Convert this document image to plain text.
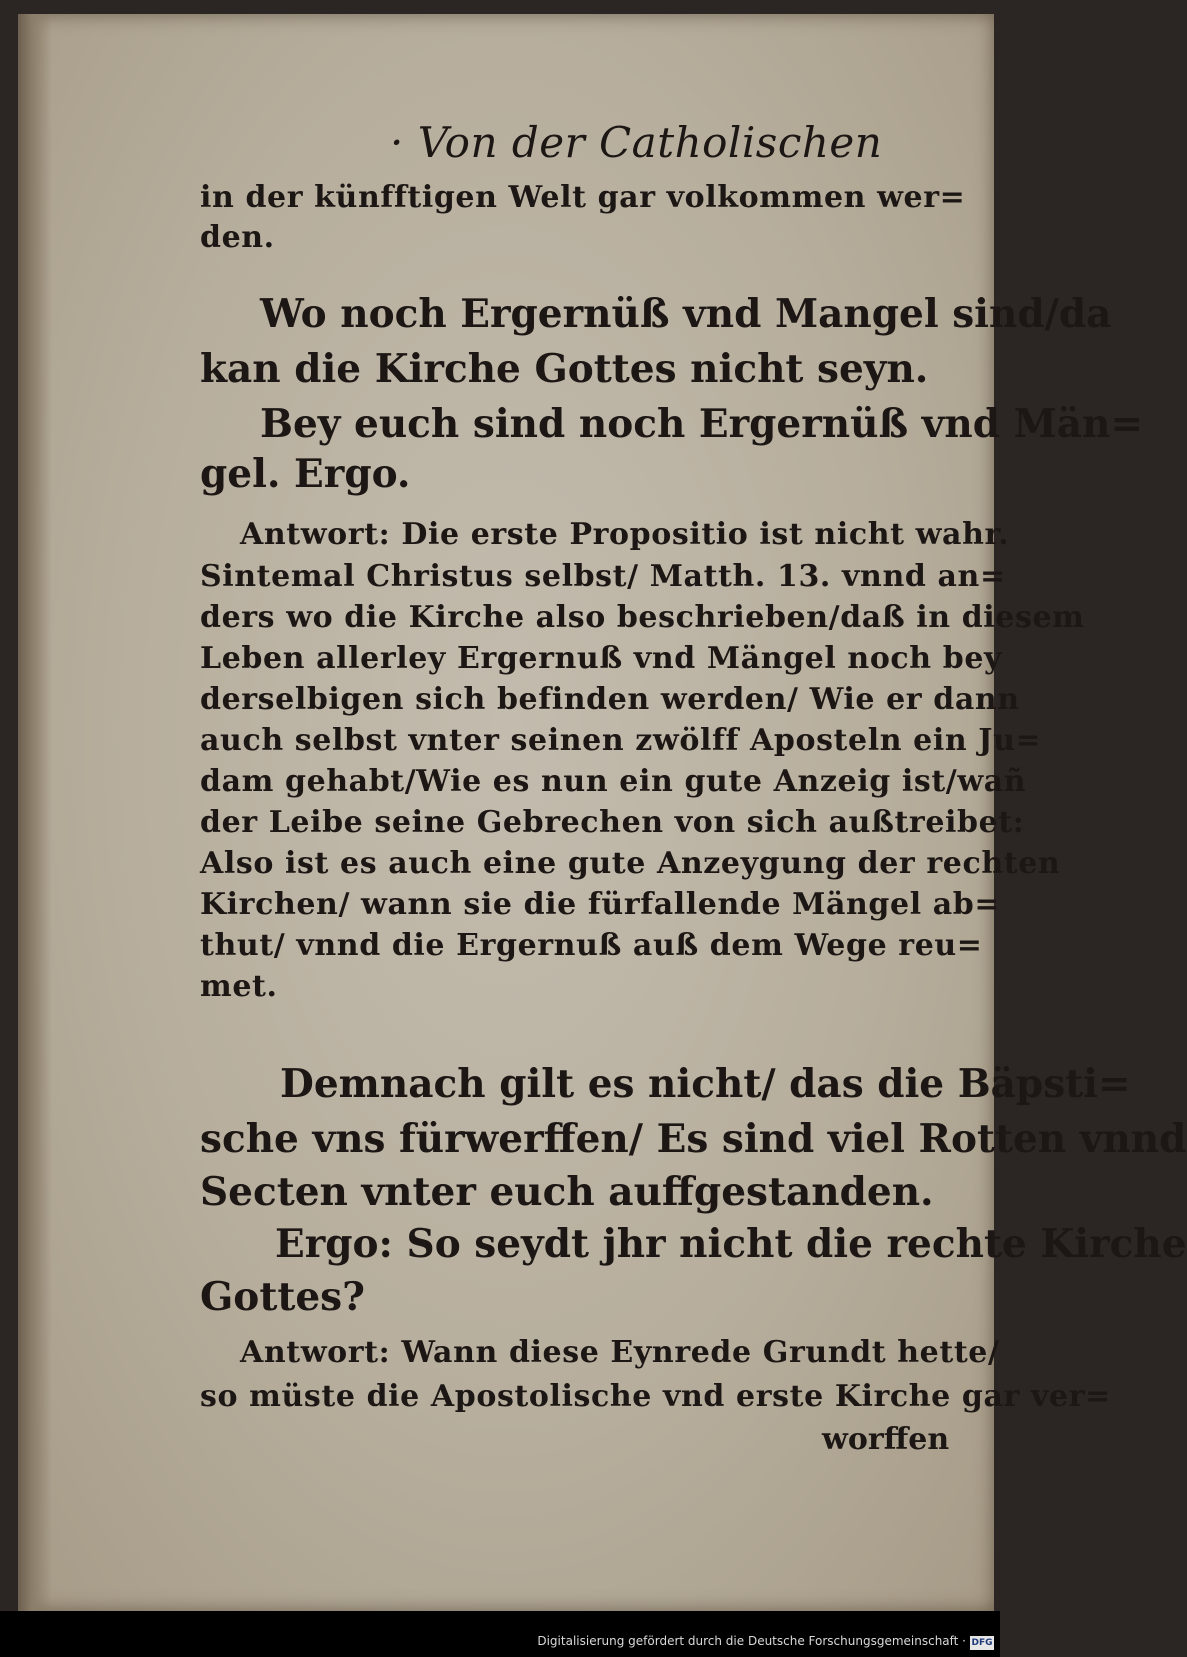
· Von der Catholischen
in der künfftigen Welt gar volkommen wer=
den.
Wo noch Ergernüß vnd Mangel sind/da
kan die Kirche Gottes nicht seyn.
Bey euch sind noch Ergernüß vnd Män=
gel. Ergo.
Antwort: Die erste Propositio ist nicht wahr.
Sintemal Christus selbst/ Matth. 13. vnnd an=
ders wo die Kirche also beschrieben/daß in diesem
Leben allerley Ergernuß vnd Mängel noch bey
derselbigen sich befinden werden/ Wie er dann
auch selbst vnter seinen zwölff Aposteln ein Ju=
dam gehabt/Wie es nun ein gute Anzeig ist/wañ
der Leibe seine Gebrechen von sich außtreibet:
Also ist es auch eine gute Anzeygung der rechten
Kirchen/ wann sie die fürfallende Mängel ab=
thut/ vnnd die Ergernuß auß dem Wege reu=
met.
Demnach gilt es nicht/ das die Bäpsti=
sche vns fürwerffen/ Es sind viel Rotten vnnd
Secten vnter euch auffgestanden.
Ergo: So seydt jhr nicht die rechte Kirche
Gottes?
Antwort: Wann diese Eynrede Grundt hette/
so müste die Apostolische vnd erste Kirche gar ver=
worffen
Digitalisierung gefördert durch die Deutsche Forschungsgemeinschaft · DFG
